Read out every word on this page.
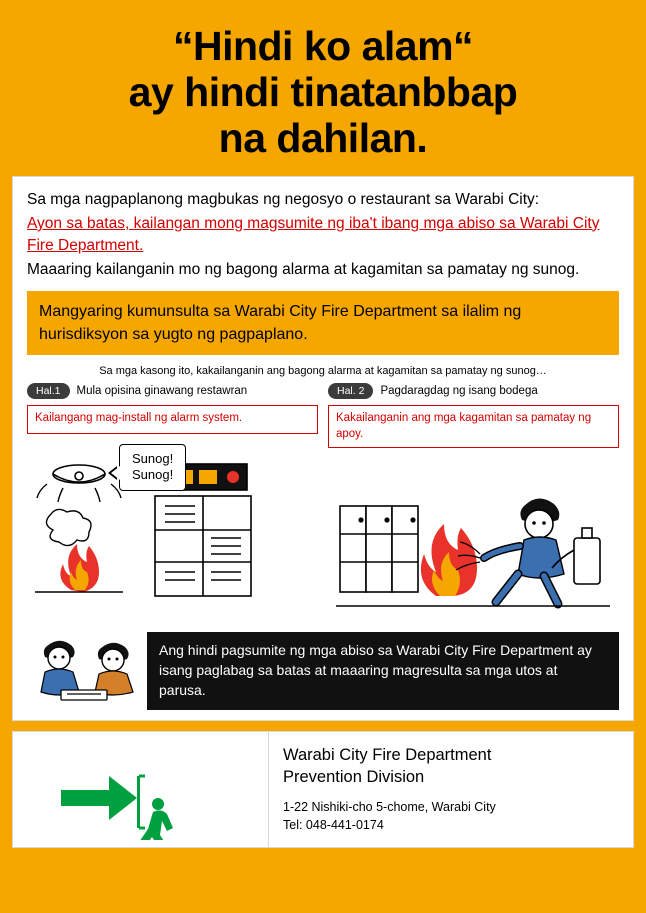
“Hindi ko alam“
ay hindi tinatanbbap
na dahilan.
Sa mga nagpaplanong magbukas ng negosyo o restaurant sa Warabi City:
Ayon sa batas, kailangan mong magsumite ng iba't ibang mga abiso sa Warabi City Fire Department.
Maaaring kailanganin mo ng bagong alarma at kagamitan sa pamatay ng sunog.
Mangyaring kumunsulta sa Warabi City Fire Department sa ilalim ng hurisdiksyon sa yugto ng pagpaplano.
Sa mga kasong ito, kakailanganin ang bagong alarma at kagamitan sa pamatay ng sunog…
Hal.1	Mula opisina ginawang restawran
Kailangang mag-install ng alarm system.
Sunog!
Sunog!
Hal. 2	Pagdaragdag ng isang bodega
Kakailanganin ang mga kagamitan sa pamatay ng apoy.
Ang hindi pagsumite ng mga abiso sa Warabi City Fire Department ay isang paglabag sa batas at maaaring magresulta sa mga utos at parusa.
Warabi City Fire Department
Prevention Division
1-22 Nishiki-cho 5-chome, Warabi City
Tel: 048-441-0174
